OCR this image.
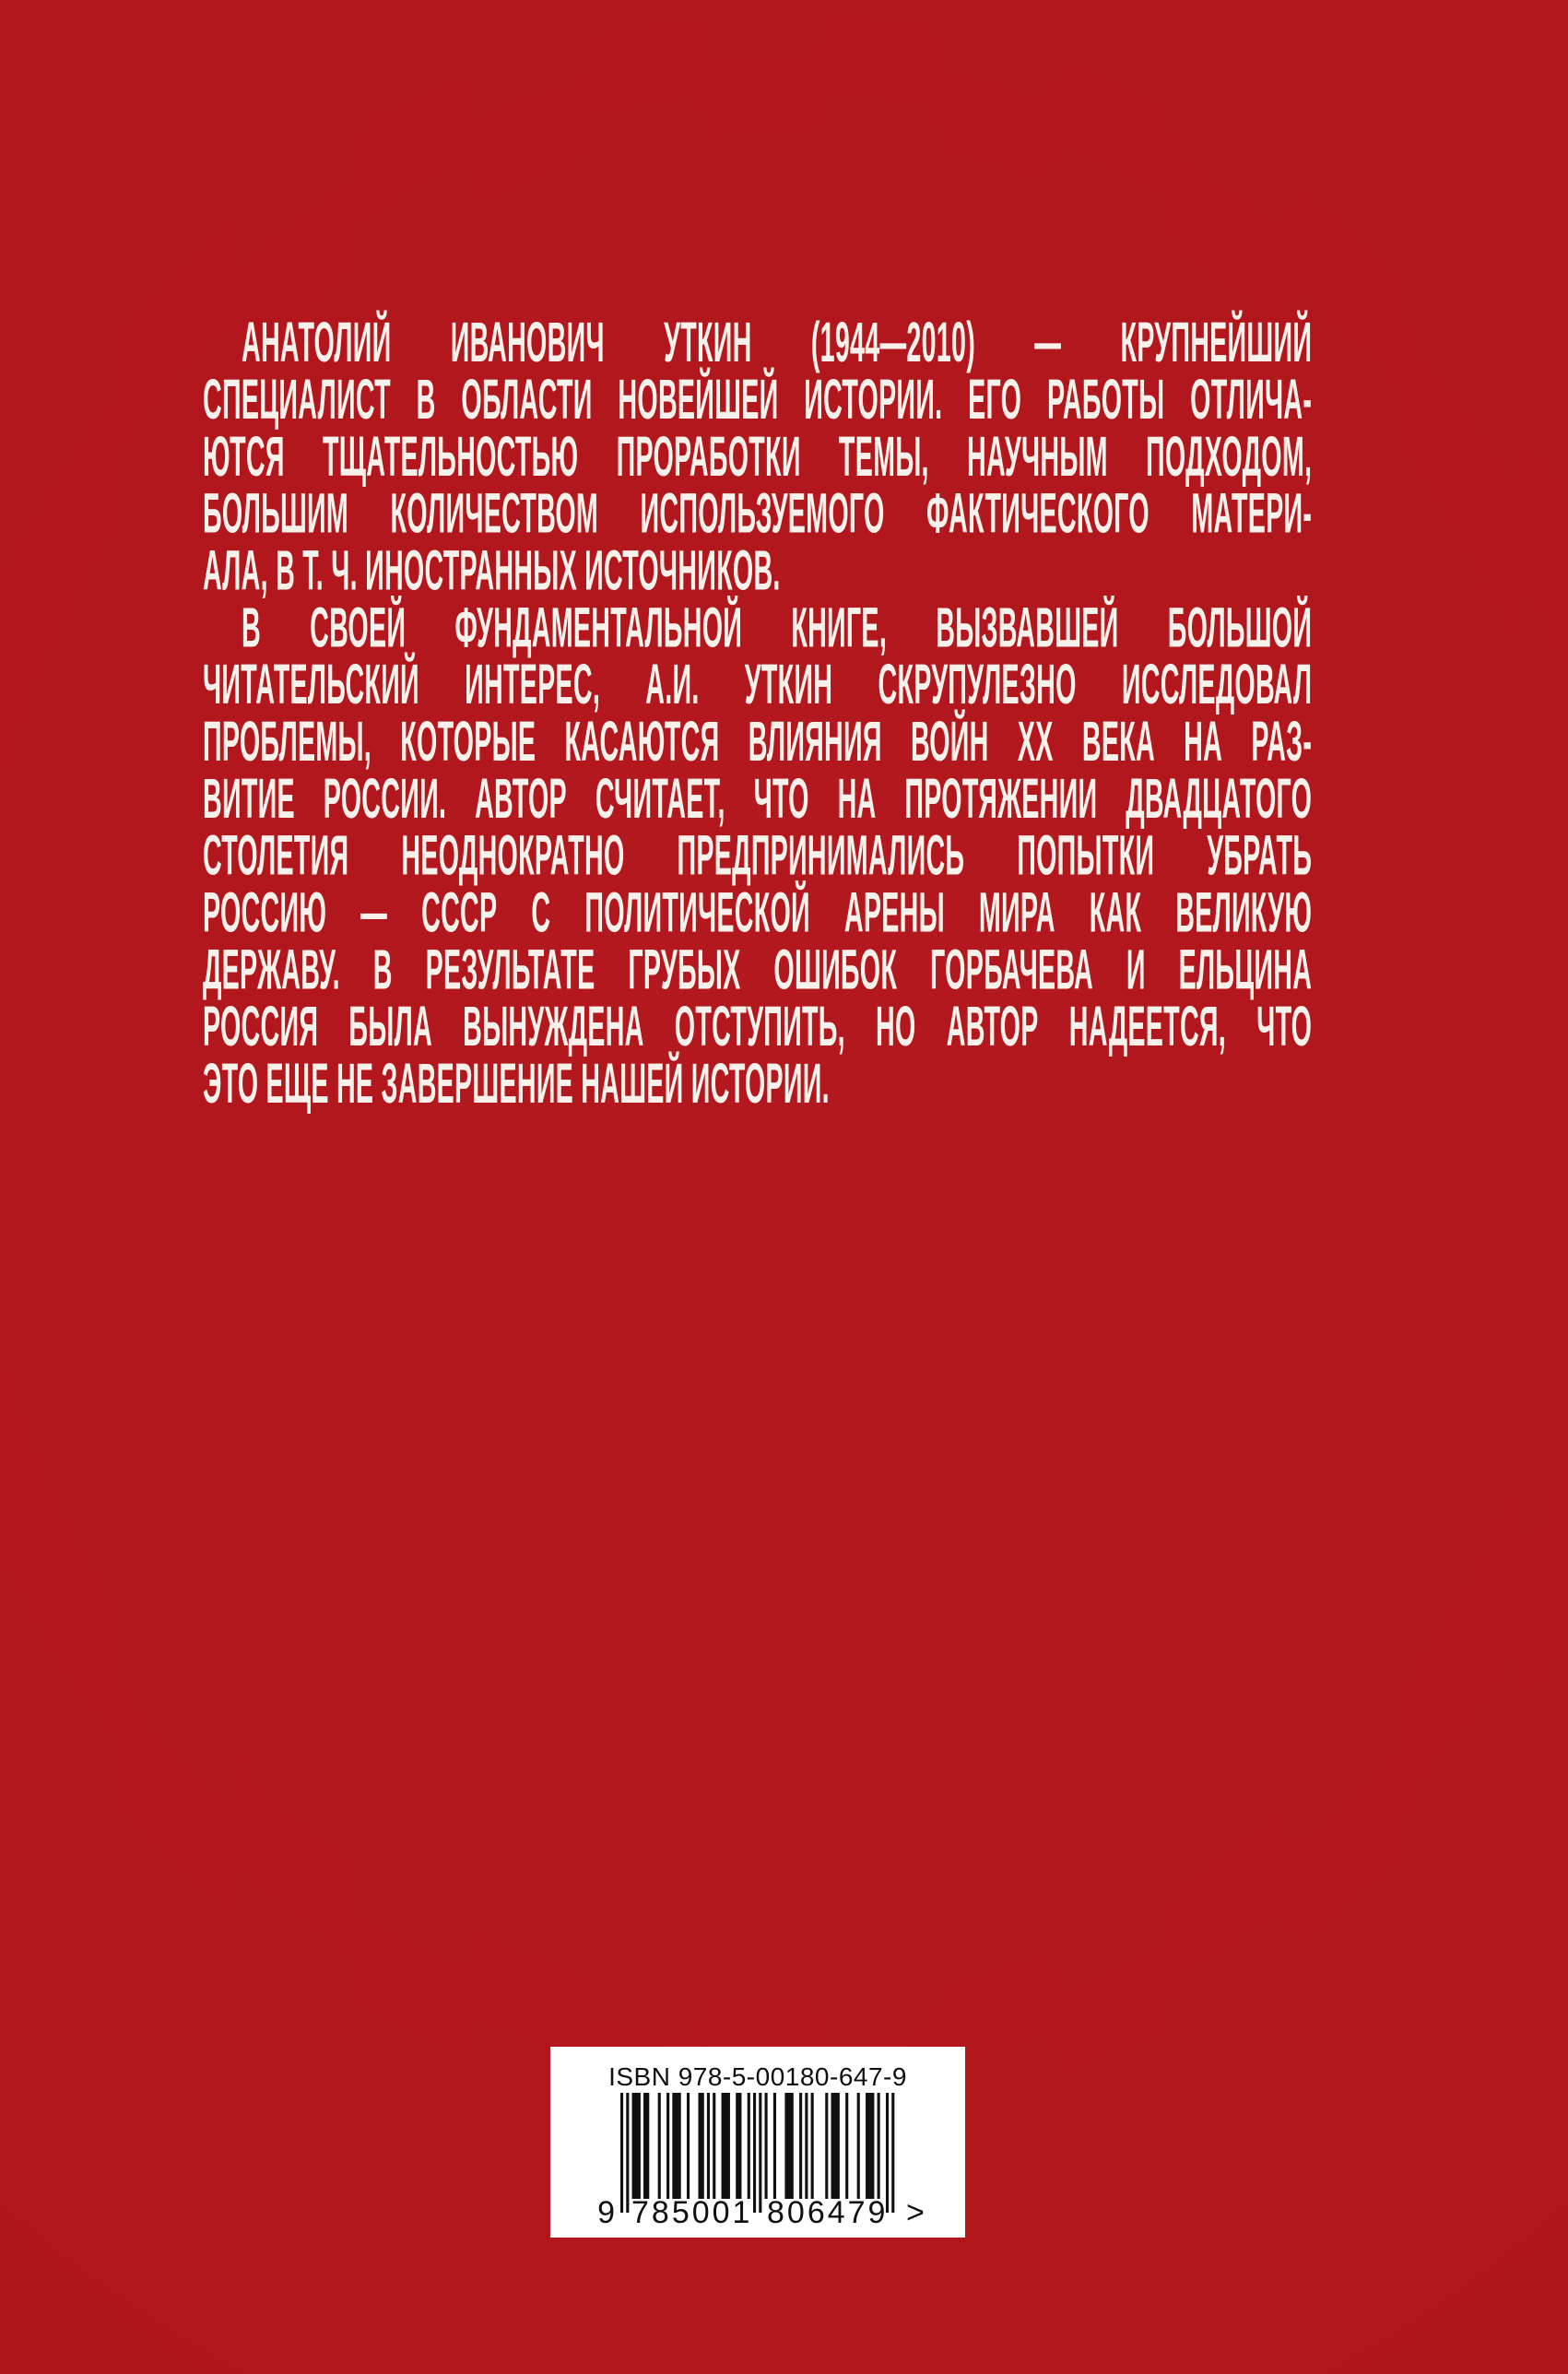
АНАТОЛИЙ ИВАНОВИЧ УТКИН (1944—2010) — КРУПНЕЙШИЙ
СПЕЦИАЛИСТ В ОБЛАСТИ НОВЕЙШЕЙ ИСТОРИИ. ЕГО РАБОТЫ ОТЛИЧА-
ЮТСЯ ТЩАТЕЛЬНОСТЬЮ ПРОРАБОТКИ ТЕМЫ, НАУЧНЫМ ПОДХОДОМ,
БОЛЬШИМ КОЛИЧЕСТВОМ ИСПОЛЬЗУЕМОГО ФАКТИЧЕСКОГО МАТЕРИ-
АЛА, В Т. Ч. ИНОСТРАННЫХ ИСТОЧНИКОВ.
В СВОЕЙ ФУНДАМЕНТАЛЬНОЙ КНИГЕ, ВЫЗВАВШЕЙ БОЛЬШОЙ
ЧИТАТЕЛЬСКИЙ ИНТЕРЕС, А.И. УТКИН СКРУПУЛЕЗНО ИССЛЕДОВАЛ
ПРОБЛЕМЫ, КОТОРЫЕ КАСАЮТСЯ ВЛИЯНИЯ ВОЙН XX ВЕКА НА РАЗ-
ВИТИЕ РОССИИ. АВТОР СЧИТАЕТ, ЧТО НА ПРОТЯЖЕНИИ ДВАДЦАТОГО
СТОЛЕТИЯ НЕОДНОКРАТНО ПРЕДПРИНИМАЛИСЬ ПОПЫТКИ УБРАТЬ
РОССИЮ — СССР С ПОЛИТИЧЕСКОЙ АРЕНЫ МИРА КАК ВЕЛИКУЮ
ДЕРЖАВУ. В РЕЗУЛЬТАТЕ ГРУБЫХ ОШИБОК ГОРБАЧЕВА И ЕЛЬЦИНА
РОССИЯ БЫЛА ВЫНУЖДЕНА ОТСТУПИТЬ, НО АВТОР НАДЕЕТСЯ, ЧТО
ЭТО ЕЩЕ НЕ ЗАВЕРШЕНИЕ НАШЕЙ ИСТОРИИ.
ISBN 978-5-00180-647-9
9 785001 806479 >
